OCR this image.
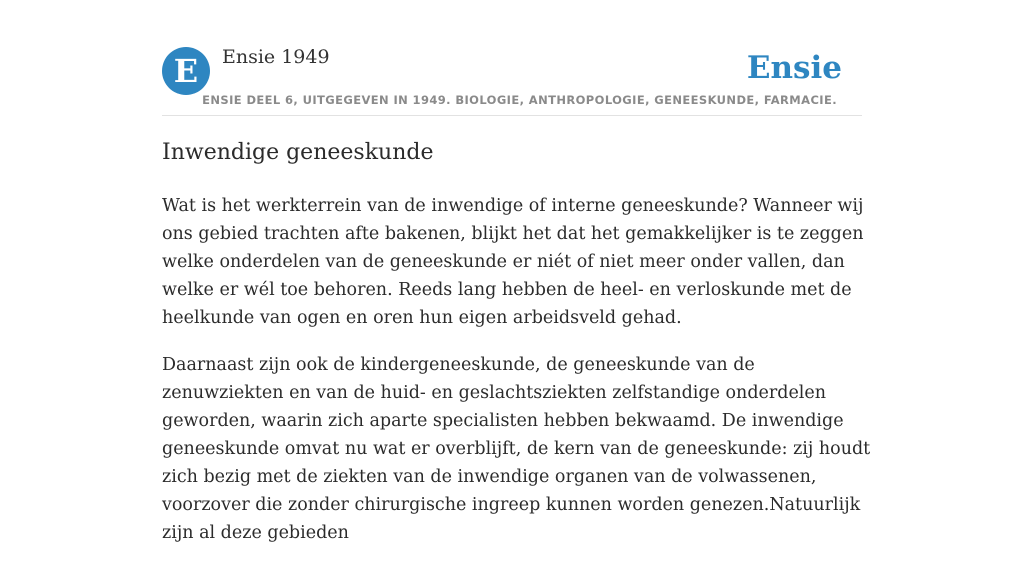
E	Ensie 1949	Ensie
ENSIE DEEL 6, UITGEGEVEN IN 1949. BIOLOGIE, ANTHROPOLOGIE, GENEESKUNDE, FARMACIE.
Inwendige geneeskunde

Wat is het werkterrein van de inwendige of interne geneeskunde? Wanneer wij ons gebied trachten afte bakenen, blijkt het dat het gemakkelijker is te zeggen welke onderdelen van de geneeskunde er niét of niet meer onder vallen, dan welke er wél toe behoren. Reeds lang hebben de heel- en verloskunde met de heelkunde van ogen en oren hun eigen arbeidsveld gehad.

Daarnaast zijn ook de kindergeneeskunde, de geneeskunde van de zenuwziekten en van de huid- en geslachtsziekten zelfstandige onderdelen geworden, waarin zich aparte specialisten hebben bekwaamd. De inwendige geneeskunde omvat nu wat er overblijft, de kern van de geneeskunde: zij houdt zich bezig met de ziekten van de inwendige organen van de volwassenen, voorzover die zonder chirurgische ingreep kunnen worden genezen.Natuurlijk zijn al deze gebieden
